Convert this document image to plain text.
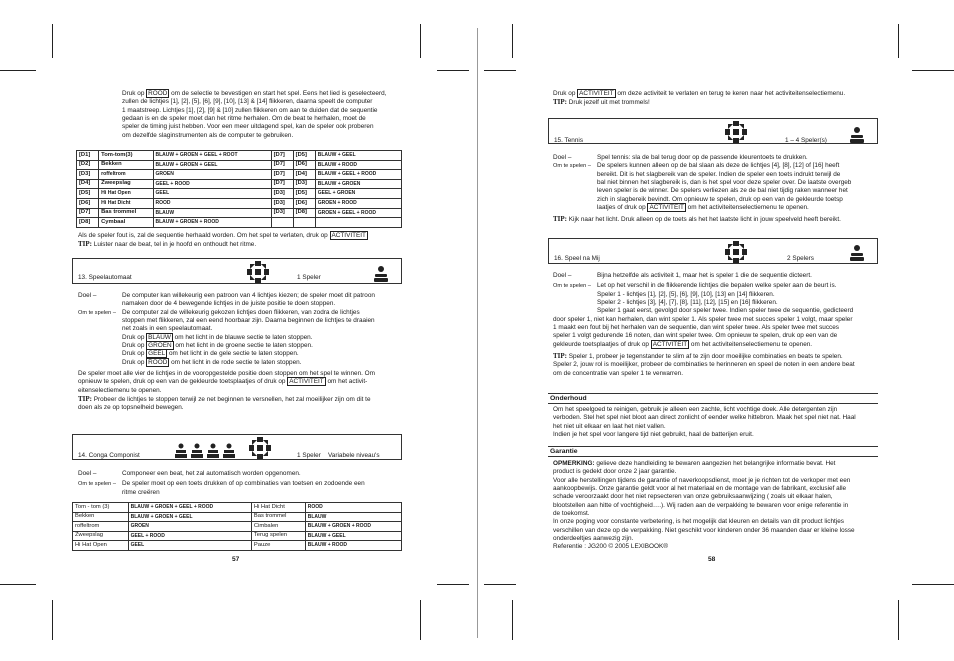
Druk op ROOD om de selectie te bevestigen en start het spel. Eens het lied is geselecteerd,
zullen de lichtjes [1], [2], [5], [6], [9], [10], [13] & [14] flikkeren, daarna speelt de computer
1 maatstreep. Lichtjes [1], [2], [9] & [10] zullen flikkeren om aan te duiden dat de sequentie
gedaan is en de speler moet dan het ritme herhalen. Om de beat te herhalen, moet de
speler de timing juist hebben. Voor een meer uitdagend spel, kan de speler ook proberen
om dezelfde slaginstrumenten als de computer te gebruiken.
[D1]	Tom-tom(3)	BLAUW + GROEN + GEEL + ROOT	[D7]	[D5]	BLAUW + GEEL
[D2]	Bekken	BLAUW + GROEN + GEEL	[D7]	[D6]	BLAUW + ROOD
[D3]	roffeltrom	GROEN	[D7]	[D4]	BLAUW + GEEL + ROOD
[D4]	Zweepslag	GEEL + ROOD	[D7]	[D3]	BLAUW + GROEN
[D5]	Hi Hat Open	GEEL	[D3]	[D5]	GEEL + GROEN
[D6]	Hi Hat Dicht	ROOD	[D3]	[D6]	GROEN + ROOD
[D7]	Bas trommel	BLAUW	[D3]	[D8]	GROEN + GEEL + ROOD
[D8]	Cymbaal	BLAUW + GROEN + ROOD			
Als de speler fout is, zal de sequentie herhaald worden. Om het spel te verlaten, druk op ACTIVITEIT
TIP: Luister naar de beat, tel in je hoofd en onthoudt het ritme.
13. Speelautomaat	1 Speler
Doel –	De computer kan willekeurig een patroon van 4 lichtjes kiezen; de speler moet dit patroon
namaken door de 4 bewegende lichtjes in de juiste positie te doen stoppen.
Om te spelen – De computer zal de willekeurig gekozen lichtjes doen flikkeren, van zodra de lichtjes
stoppen met flikkeren, zal een eend hoorbaar zijn. Daarna beginnen de lichtjes te draaien
net zoals in een speelautomaat.
Druk op BLAUW om het licht in de blauwe sectie te laten stoppen.
Druk op GROEN om het licht in de groene sectie te laten stoppen.
Druk op GEEL om het licht in de gele sectie te laten stoppen.
Druk op ROOD om het licht in de rode sectie te laten stoppen.
De speler moet alle vier de lichtjes in de vooropgestelde positie doen stoppen om het spel te winnen. Om
opnieuw te spelen, druk op een van de gekleurde toetsplaatjes of druk op ACTIVITEIT om het activit-
eitenselectiemenu te openen.
TIP: Probeer de lichtjes te stoppen terwijl ze net beginnen te versnellen, het zal moeilijker zijn om dit te
doen als ze op topsnelheid bewegen.
14. Conga Componist	1 Speler Variabele niveau's
Doel –	Componeer een beat, het zal automatisch worden opgenomen.
Om te spelen – De speler moet op een toets drukken of op combinaties van toetsen en zodoende een
ritme creëren
Tom - tom (3)	BLAUW + GROEN + GEEL + ROOD	Hi Hat Dicht	ROOD
Bekken	BLAUW + GROEN + GEEL	Bas trommel	BLAUW
roffeltrom	GROEN	Cimbalen	BLAUW + GROEN + ROOD
Zweepslag	GEEL + ROOD	Terug spelen	BLAUW + GEEL
Hi Hat Open	GEEL	Pauze	BLAUW + ROOD
57
Druk op ACTIVITEIT om deze activiteit te verlaten en terug te keren naar het activiteitenselectiemenu.
TIP: Druk jezelf uit met trommels!
15. Tennis	1 – 4 Speler(s)
Doel –	Spel tennis: sla de bal terug door op de passende kleurentoets te drukken.
Om te spelen – De spelers kunnen alleen op de bal slaan als deze de lichtjes [4], [8], [12] of [16] heeft
bereikt. Dit is het slagbereik van de speler. Indien de speler een toets indrukt terwijl de
bal niet binnen het slagbereik is, dan is het spel voor deze speler over. De laatste overgeb
leven speler is de winner. De spelers verliezen als ze de bal niet tijdig raken wanneer het
zich in slagbereik bevindt. Om opnieuw te spelen, druk op een van de gekleurde toetsp
laatjes of druk op ACTIVITEIT om het activiteitenselectiemenu te openen.
TIP: Kijk naar het licht. Druk alleen op de toets als het het laatste licht in jouw speelveld heeft bereikt.
16. Speel na Mij	2 Spelers
Doel –	Bijna hetzelfde als activiteit 1, maar het is speler 1 die de sequentie dicteert.
Om te spelen – Let op het verschil in de flikkerende lichtjes die bepalen welke speler aan de beurt is.
Speler 1 - lichtjes [1], [2], [5], [6], [9], [10], [13] en [14] flikkeren.
Speler 2 - lichtjes [3], [4], [7], [8], [11], [12], [15] en [16] flikkeren.
Speler 1 gaat eerst, gevolgd door speler twee. Indien speler twee de sequentie, gedicteerd
door speler 1, niet kan herhalen, dan wint speler 1. Als speler twee met succes speler 1 volgt, maar speler
1 maakt een fout bij het herhalen van de sequentie, dan wint speler twee. Als speler twee met succes
speler 1 volgt gedurende 16 noten, dan wint speler twee. Om opnieuw te spelen, druk op een van de
gekleurde toetsplaatjes of druk op ACTIVITEIT om het activiteitenselectiemenu te openen.
TIP: Speler 1, probeer je tegenstander te slim af te zijn door moeilijke combinaties en beats te spelen.
Speler 2, jouw rol is moeilijker, probeer de combinaties te herinneren en speel de noten in een andere beat
om de concentratie van speler 1 te verwarren.
Onderhoud
Om het speelgoed te reinigen, gebruik je alleen een zachte, licht vochtige doek. Alle detergenten zijn
verboden. Stel het spel niet bloot aan direct zonlicht of eender welke hittebron. Maak het spel niet nat. Haal
het niet uit elkaar en laat het niet vallen.
Indien je het spel voor langere tijd niet gebruikt, haal de batterijen eruit.
Garantie
OPMERKING: gelieve deze handleiding te bewaren aangezien het belangrijke informatie bevat. Het
product is gedekt door onze 2 jaar garantie.
Voor alle herstellingen tijdens de garantie of naverkoopsdienst, moet je je richten tot de verkoper met een
aankoopbewijs. Onze garantie geldt voor al het materiaal en de montage van de fabrikant, exclusief alle
schade veroorzaakt door het niet repsecteren van onze gebruiksaanwijzing ( zoals uit elkaar halen,
blootstellen aan hitte of vochtigheid….). Wij raden aan de verpakking te bewaren voor enige referentie in
de toekomst.
In onze poging voor constante verbetering, is het mogelijk dat kleuren en details van dit product lichtjes
verschillen van deze op de verpakking. Niet geschikt voor kinderen onder 36 maanden daar er kleine losse
onderdeeltjes aanwezig zijn.
Referentie : JG200 © 2005 LEXIBOOK®
58
